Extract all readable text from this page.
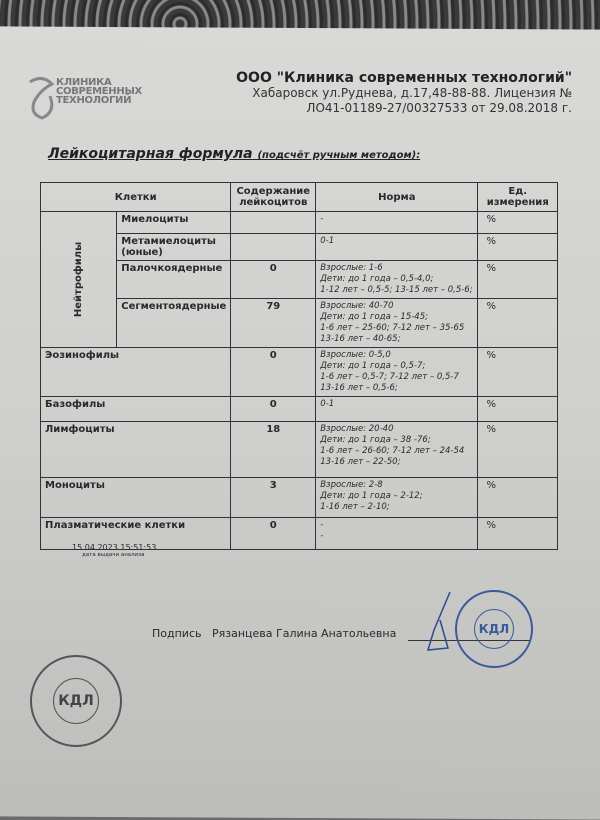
КЛИНИКА
СОВРЕМЕННЫХ
ТЕХНОЛОГИЙ
ООО "Клиника современных технологий"
Хабаровск ул.Руднева, д.17,48-88-88. Лицензия №
ЛО41-01189-27/00327533 от 29.08.2018 г.
Лейкоцитарная формула (подсчёт ручным методом):
Клетки		Содержание лейкоцитов	Норма	Ед. измерения
Нейтрофилы	Миелоциты		-	%
	Метамиелоциты (юные)		0-1	%
	Палочкоядерные	0	Взрослые: 1-6
Дети: до 1 года – 0,5-4,0;
1-12 лет – 0,5-5; 13-15 лет – 0,5-6;	%
	Сегментоядерные	79	Взрослые: 40-70
Дети: до 1 года – 15-45;
1-6 лет – 25-60; 7-12 лет – 35-65
13-16 лет – 40-65;	%
Эозинофилы		0	Взрослые: 0-5,0
Дети: до 1 года – 0,5-7;
1-6 лет – 0,5-7; 7-12 лет – 0,5-7
13-16 лет – 0,5-6;	%
Базофилы		0	0-1	%
Лимфоциты		18	Взрослые: 20-40
Дети: до 1 года – 38 -76;
1-6 лет – 26-60; 7-12 лет – 24-54
13-16 лет – 22-50;	%
Моноциты		3	Взрослые: 2-8
Дети: до 1 года – 2-12;
1-16 лет – 2-10;	%
Плазматические клетки		0	-
-	%
15.04.2023 15:51:53
дата выдачи анализа
Подпись Рязанцева Галина Анатольевна	КДЛ
КДЛ
